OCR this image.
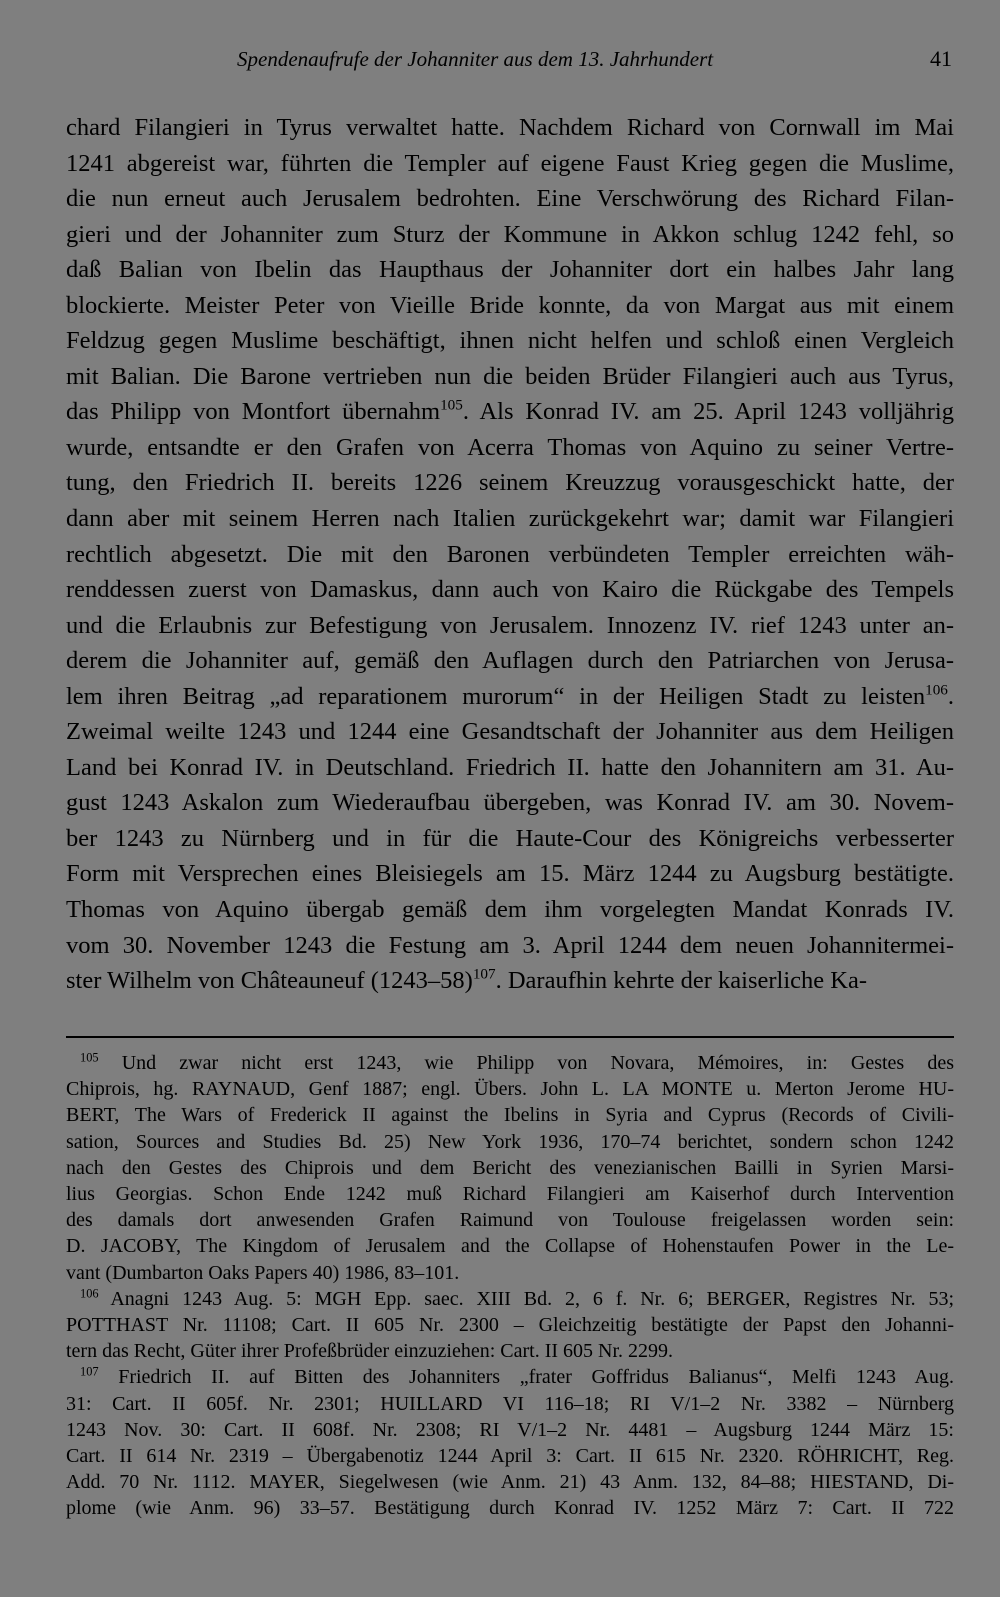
Spendenaufrufe der Johanniter aus dem 13. Jahrhundert	41
chard Filangieri in Tyrus verwaltet hatte. Nachdem Richard von Cornwall im Mai
1241 abgereist war, führten die Templer auf eigene Faust Krieg gegen die Muslime,
die nun erneut auch Jerusalem bedrohten. Eine Verschwörung des Richard Filan-
gieri und der Johanniter zum Sturz der Kommune in Akkon schlug 1242 fehl, so
daß Balian von Ibelin das Haupthaus der Johanniter dort ein halbes Jahr lang
blockierte. Meister Peter von Vieille Bride konnte, da von Margat aus mit einem
Feldzug gegen Muslime beschäftigt, ihnen nicht helfen und schloß einen Vergleich
mit Balian. Die Barone vertrieben nun die beiden Brüder Filangieri auch aus Tyrus,
das Philipp von Montfort übernahm$^{105}$. Als Konrad IV. am 25. April 1243 volljährig
wurde, entsandte er den Grafen von Acerra Thomas von Aquino zu seiner Vertre-
tung, den Friedrich II. bereits 1226 seinem Kreuzzug vorausgeschickt hatte, der
dann aber mit seinem Herren nach Italien zurückgekehrt war; damit war Filangieri
rechtlich abgesetzt. Die mit den Baronen verbündeten Templer erreichten wäh-
renddessen zuerst von Damaskus, dann auch von Kairo die Rückgabe des Tempels
und die Erlaubnis zur Befestigung von Jerusalem. Innozenz IV. rief 1243 unter an-
derem die Johanniter auf, gemäß den Auflagen durch den Patriarchen von Jerusa-
lem ihren Beitrag „ad reparationem murorum“ in der Heiligen Stadt zu leisten$^{106}$.
Zweimal weilte 1243 und 1244 eine Gesandtschaft der Johanniter aus dem Heiligen
Land bei Konrad IV. in Deutschland. Friedrich II. hatte den Johannitern am 31. Au-
gust 1243 Askalon zum Wiederaufbau übergeben, was Konrad IV. am 30. Novem-
ber 1243 zu Nürnberg und in für die Haute-Cour des Königreichs verbesserter
Form mit Versprechen eines Bleisiegels am 15. März 1244 zu Augsburg bestätigte.
Thomas von Aquino übergab gemäß dem ihm vorgelegten Mandat Konrads IV.
vom 30. November 1243 die Festung am 3. April 1244 dem neuen Johannitermei-
ster Wilhelm von Châteauneuf (1243–58)$^{107}$. Daraufhin kehrte der kaiserliche Ka-
$^{105}$ Und zwar nicht erst 1243, wie Philipp von Novara, Mémoires, in: Gestes des
Chiprois, hg. RAYNAUD, Genf 1887; engl. Übers. John L. LA MONTE u. Merton Jerome HU-
BERT, The Wars of Frederick II against the Ibelins in Syria and Cyprus (Records of Civili-
sation, Sources and Studies Bd. 25) New York 1936, 170–74 berichtet, sondern schon 1242
nach den Gestes des Chiprois und dem Bericht des venezianischen Bailli in Syrien Marsi-
lius Georgias. Schon Ende 1242 muß Richard Filangieri am Kaiserhof durch Intervention
des damals dort anwesenden Grafen Raimund von Toulouse freigelassen worden sein:
D. JACOBY, The Kingdom of Jerusalem and the Collapse of Hohenstaufen Power in the Le-
vant (Dumbarton Oaks Papers 40) 1986, 83–101.
$^{106}$ Anagni 1243 Aug. 5: MGH Epp. saec. XIII Bd. 2, 6 f. Nr. 6; BERGER, Registres Nr. 53;
POTTHAST Nr. 11108; Cart. II 605 Nr. 2300 – Gleichzeitig bestätigte der Papst den Johanni-
tern das Recht, Güter ihrer Profeßbrüder einzuziehen: Cart. II 605 Nr. 2299.
$^{107}$ Friedrich II. auf Bitten des Johanniters „frater Goffridus Balianus“, Melfi 1243 Aug.
31: Cart. II 605f. Nr. 2301; HUILLARD VI 116–18; RI V/1–2 Nr. 3382 – Nürnberg
1243 Nov. 30: Cart. II 608f. Nr. 2308; RI V/1–2 Nr. 4481 – Augsburg 1244 März 15:
Cart. II 614 Nr. 2319 – Übergabenotiz 1244 April 3: Cart. II 615 Nr. 2320. RÖHRICHT, Reg.
Add. 70 Nr. 1112. MAYER, Siegelwesen (wie Anm. 21) 43 Anm. 132, 84–88; HIESTAND, Di-
plome (wie Anm. 96) 33–57. Bestätigung durch Konrad IV. 1252 März 7: Cart. II 722
